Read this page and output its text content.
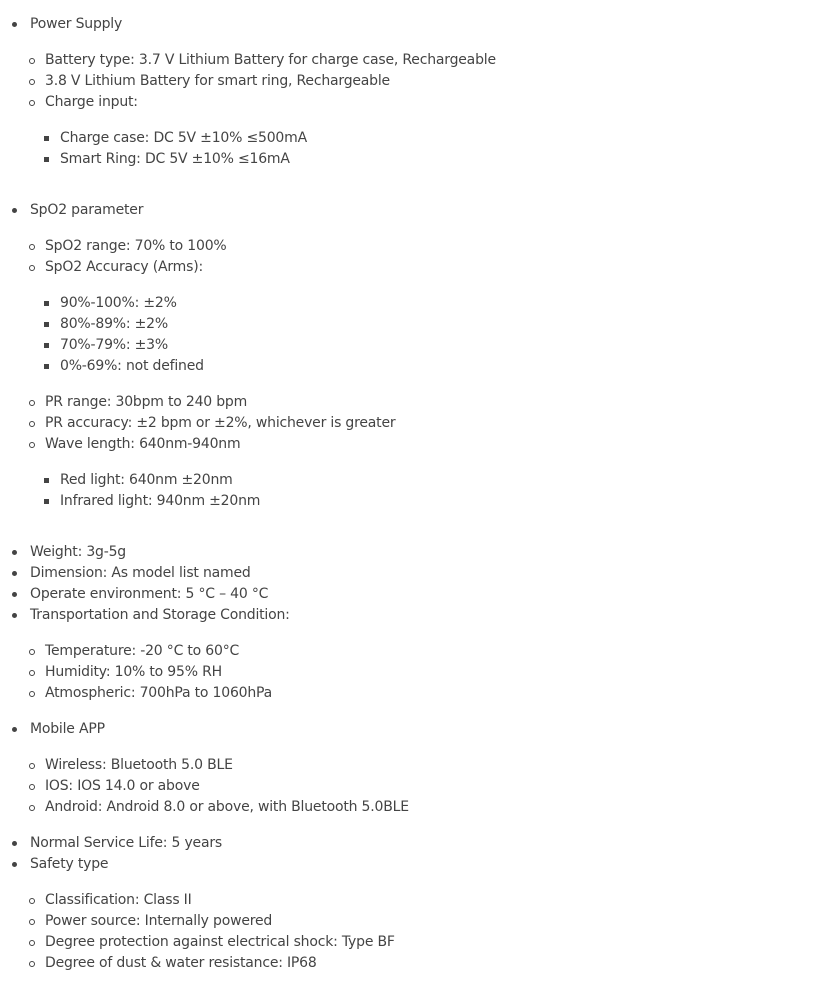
Power Supply
Battery type: 3.7 V Lithium Battery for charge case, Rechargeable
3.8 V Lithium Battery for smart ring, Rechargeable
Charge input:
Charge case: DC 5V ±10% ≤500mA
Smart Ring: DC 5V ±10% ≤16mA
SpO2 parameter
SpO2 range: 70% to 100%
SpO2 Accuracy (Arms):
90%-100%: ±2%
80%-89%: ±2%
70%-79%: ±3%
0%-69%: not defined
PR range: 30bpm to 240 bpm
PR accuracy: ±2 bpm or ±2%, whichever is greater
Wave length: 640nm-940nm
Red light: 640nm ±20nm
Infrared light: 940nm ±20nm
Weight: 3g-5g
Dimension: As model list named
Operate environment: 5 °C – 40 °C
Transportation and Storage Condition:
Temperature: -20 °C to 60°C
Humidity: 10% to 95% RH
Atmospheric: 700hPa to 1060hPa
Mobile APP
Wireless: Bluetooth 5.0 BLE
IOS: IOS 14.0 or above
Android: Android 8.0 or above, with Bluetooth 5.0BLE
Normal Service Life: 5 years
Safety type
Classification: Class II
Power source: Internally powered
Degree protection against electrical shock: Type BF
Degree of dust & water resistance: IP68
